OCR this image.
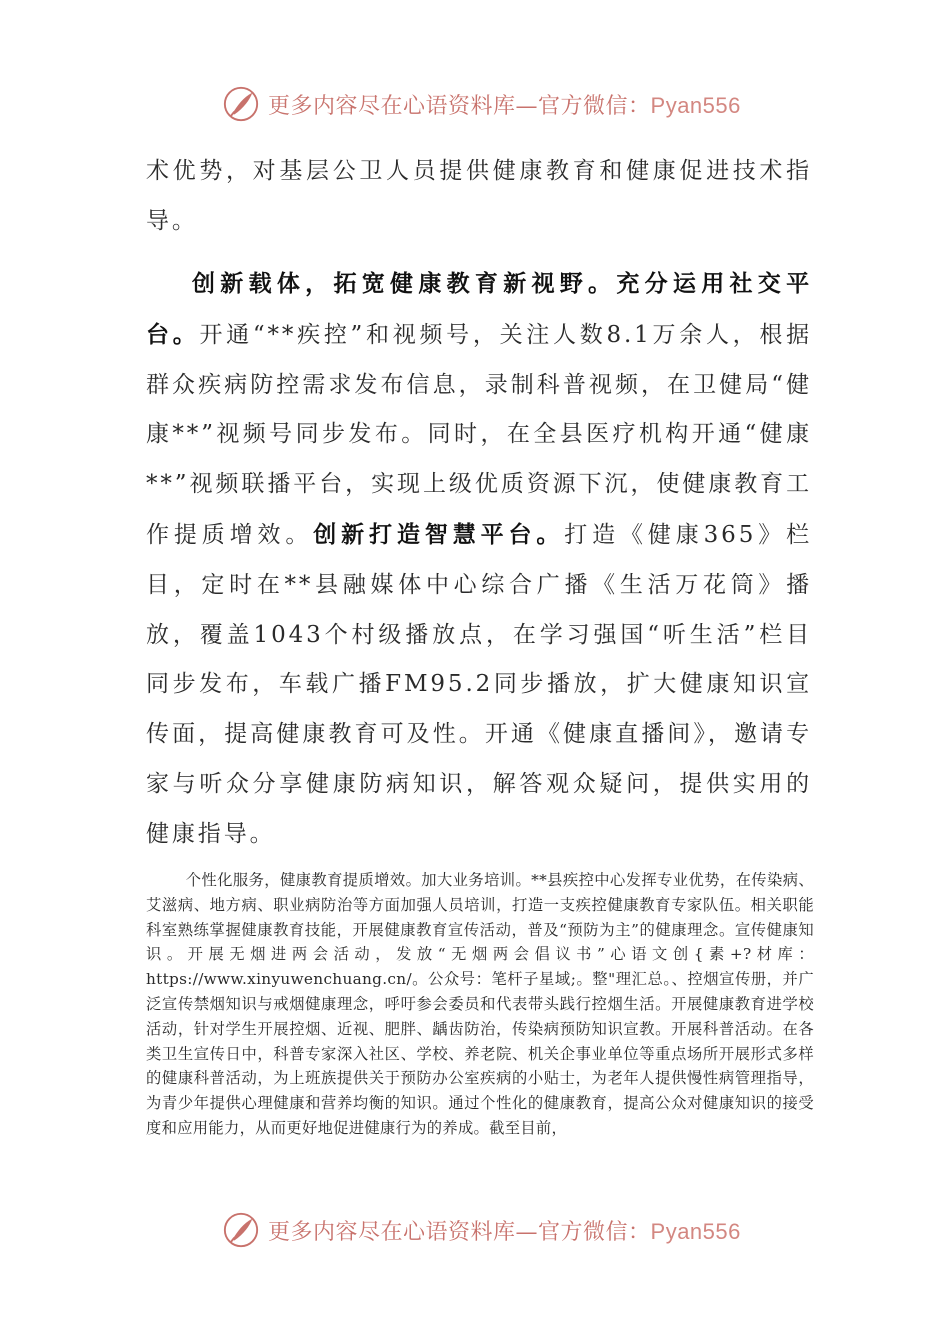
更多内容尽在心语资料库—官方微信：Pyan556

术优势，对基层公卫人员提供健康教育和健康促进技术指导。

创新载体，拓宽健康教育新视野。充分运用社交平台。开通“**疾控”和视频号，关注人数8.1万余人，根据群众疾病防控需求发布信息，录制科普视频，在卫健局“健康**”视频号同步发布。同时，在全县医疗机构开通“健康**”视频联播平台，实现上级优质资源下沉，使健康教育工作提质增效。创新打造智慧平台。打造《健康365》栏目，定时在**县融媒体中心综合广播《生活万花筒》播放，覆盖1043个村级播放点，在学习强国“听生活”栏目同步发布，车载广播FM95.2同步播放，扩大健康知识宣传面，提高健康教育可及性。开通《健康直播间》，邀请专家与听众分享健康防病知识，解答观众疑问，提供实用的健康指导。

个性化服务，健康教育提质增效。加大业务培训。**县疾控中心发挥专业优势，在传染病、艾滋病、地方病、职业病防治等方面加强人员培训，打造一支疾控健康教育专家队伍。相关职能科室熟练掌握健康教育技能，开展健康教育宣传活动，普及“预防为主”的健康理念。宣传健康知识。开展无烟进两会活动，发放“无烟两会倡议书”心语文创{素+?材库：https://www.xinyuwenchuang.cn/。公众号：笔杆子星域;。整"理汇总。、控烟宣传册，并广泛宣传禁烟知识与戒烟健康理念，呼吁参会委员和代表带头践行控烟生活。开展健康教育进学校活动，针对学生开展控烟、近视、肥胖、龋齿防治，传染病预防知识宣教。开展科普活动。在各类卫生宣传日中，科普专家深入社区、学校、养老院、机关企事业单位等重点场所开展形式多样的健康科普活动，为上班族提供关于预防办公室疾病的小贴士，为老年人提供慢性病管理指导，为青少年提供心理健康和营养均衡的知识。通过个性化的健康教育，提高公众对健康知识的接受度和应用能力，从而更好地促进健康行为的养成。截至目前，

更多内容尽在心语资料库—官方微信：Pyan556
